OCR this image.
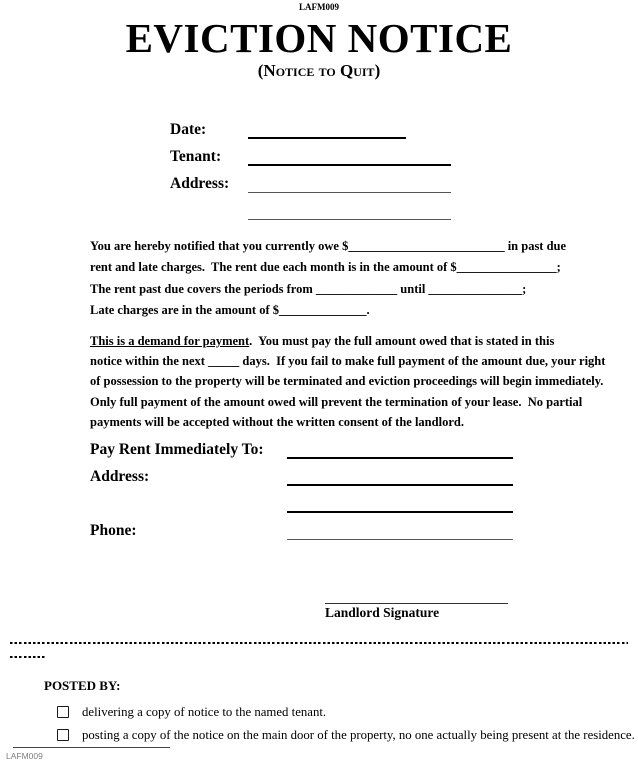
LAFM009
EVICTION NOTICE
(Notice to Quit)
Date:
Tenant:
Address:
You are hereby notified that you currently owe $_________________________ in past due
rent and late charges.  The rent due each month is in the amount of $________________;
The rent past due covers the periods from _____________ until _______________;
Late charges are in the amount of $______________.
This is a demand for payment.  You must pay the full amount owed that is stated in this
notice within the next _____ days.  If you fail to make full payment of the amount due, your right
of possession to the property will be terminated and eviction proceedings will begin immediately.
Only full payment of the amount owed will prevent the termination of your lease.  No partial
payments will be accepted without the written consent of the landlord.
Pay Rent Immediately To:
Address:
Phone:
Landlord Signature
POSTED BY:
delivering a copy of notice to the named tenant.
posting a copy of the notice on the main door of the property, no one actually being present at the residence.
LAFM009
